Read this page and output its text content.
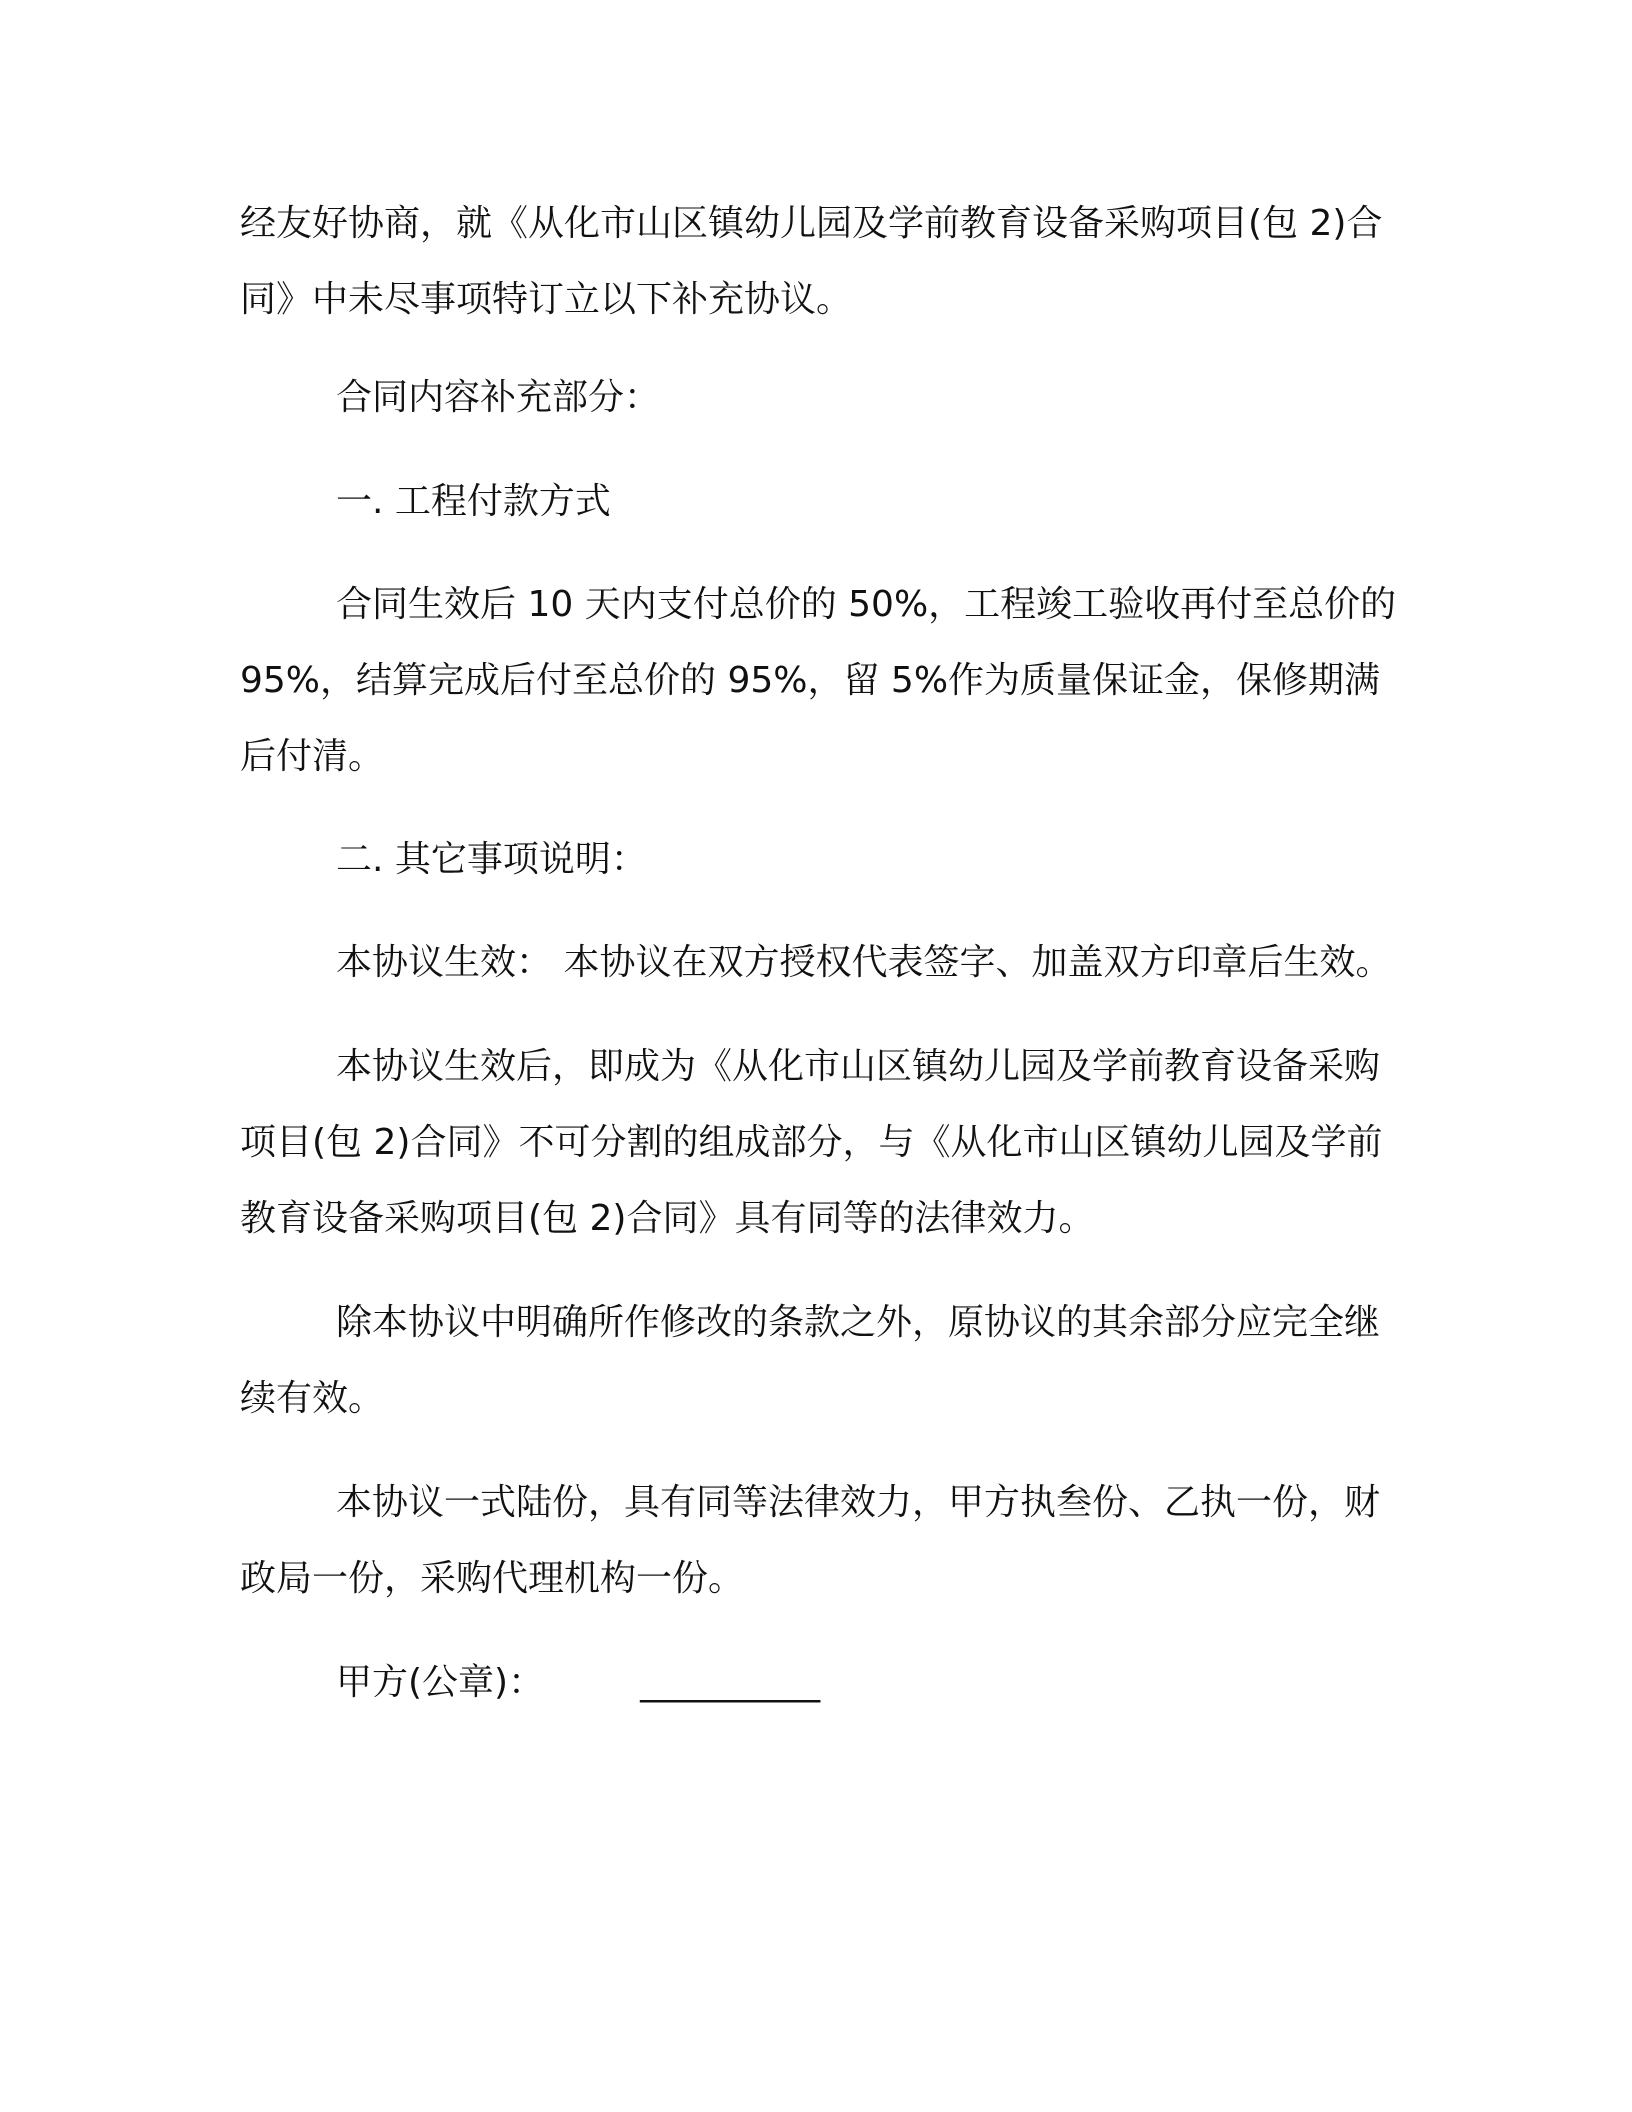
经友好协商，就《从化市山区镇幼儿园及学前教育设备采购项目(包 2)合同》中未尽事项特订立以下补充协议。

合同内容补充部分：

一. 工程付款方式

合同生效后 10 天内支付总价的 50%，工程竣工验收再付至总价的 95%，结算完成后付至总价的 95%，留 5%作为质量保证金，保修期满后付清。

二. 其它事项说明：

本协议生效： 本协议在双方授权代表签字、加盖双方印章后生效。

本协议生效后，即成为《从化市山区镇幼儿园及学前教育设备采购项目(包 2)合同》不可分割的组成部分，与《从化市山区镇幼儿园及学前教育设备采购项目(包 2)合同》具有同等的法律效力。

除本协议中明确所作修改的条款之外，原协议的其余部分应完全继续有效。

本协议一式陆份，具有同等法律效力，甲方执叁份、乙执一份，财政局一份，采购代理机构一份。

甲方(公章)：	__________
